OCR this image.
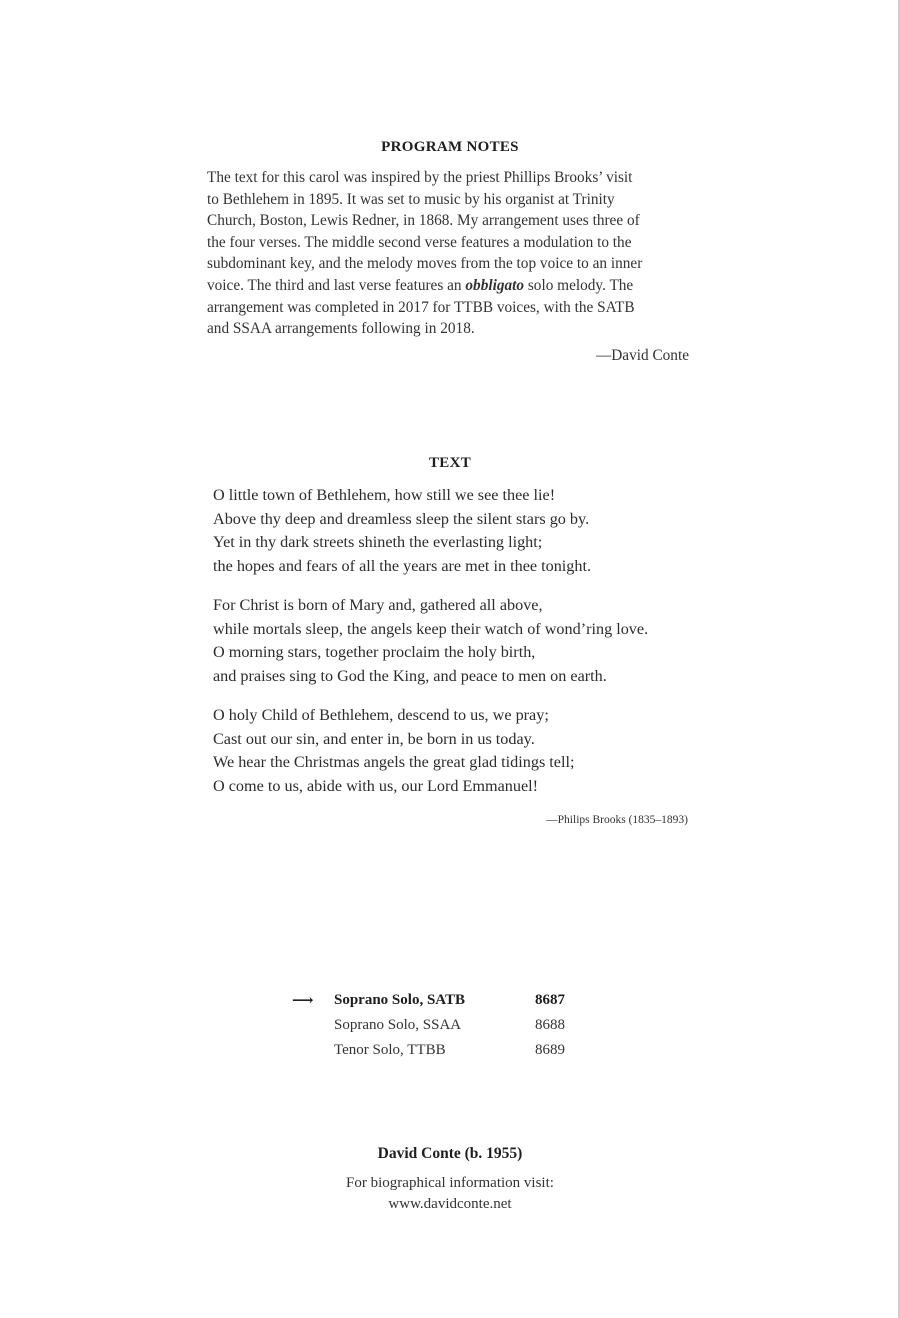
PROGRAM NOTES
The text for this carol was inspired by the priest Phillips Brooks’ visit
to Bethlehem in 1895. It was set to music by his organist at Trinity
Church, Boston, Lewis Redner, in 1868. My arrangement uses three of
the four verses. The middle second verse features a modulation to the
subdominant key, and the melody moves from the top voice to an inner
voice. The third and last verse features an obbligato solo melody. The
arrangement was completed in 2017 for TTBB voices, with the SATB
and SSAA arrangements following in 2018.
—David Conte
TEXT
O little town of Bethlehem, how still we see thee lie!
Above thy deep and dreamless sleep the silent stars go by.
Yet in thy dark streets shineth the everlasting light;
the hopes and fears of all the years are met in thee tonight.
For Christ is born of Mary and, gathered all above,
while mortals sleep, the angels keep their watch of wond’ring love.
O morning stars, together proclaim the holy birth,
and praises sing to God the King, and peace to men on earth.
O holy Child of Bethlehem, descend to us, we pray;
Cast out our sin, and enter in, be born in us today.
We hear the Christmas angels the great glad tidings tell;
O come to us, abide with us, our Lord Emmanuel!
—Philips Brooks (1835–1893)
⟶ Soprano Solo, SATB	8687
Soprano Solo, SSAA	8688
Tenor Solo, TTBB	8689
David Conte (b. 1955)
For biographical information visit:
www.davidconte.net
